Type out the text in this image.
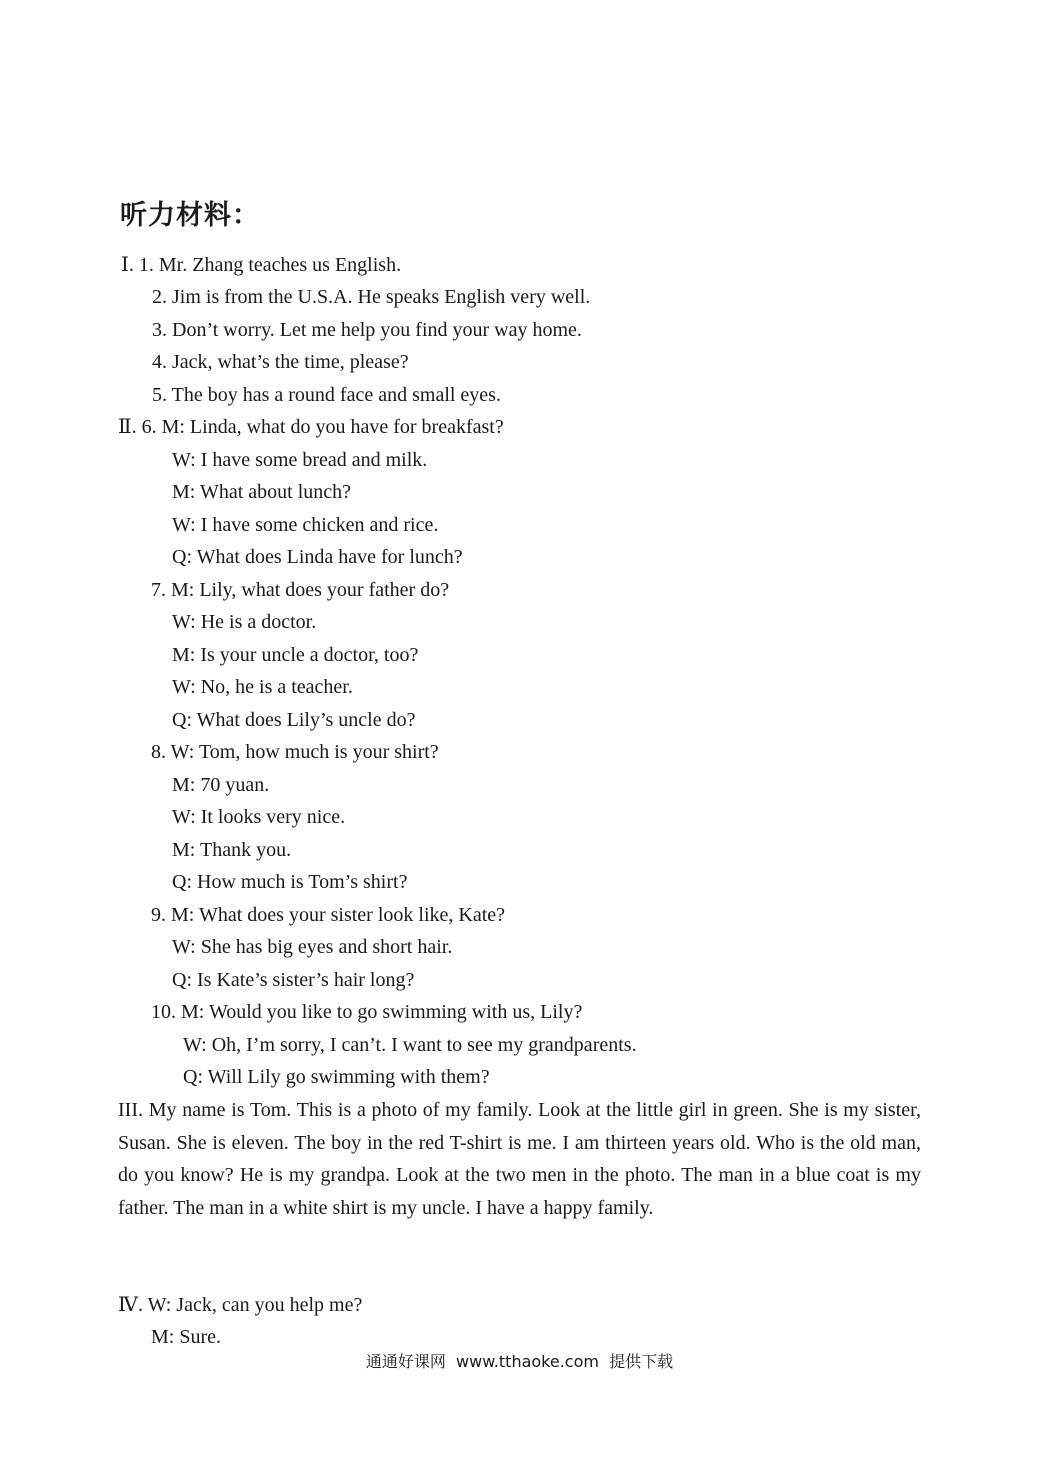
听力材料：
Ⅰ. 1. Mr. Zhang teaches us English.
2. Jim is from the U.S.A. He speaks English very well.
3. Don’t worry. Let me help you find your way home.
4. Jack, what’s the time, please?
5. The boy has a round face and small eyes.
Ⅱ. 6. M: Linda, what do you have for breakfast?
W: I have some bread and milk.
M: What about lunch?
W: I have some chicken and rice.
Q: What does Linda have for lunch?
7. M: Lily, what does your father do?
W: He is a doctor.
M: Is your uncle a doctor, too?
W: No, he is a teacher.
Q: What does Lily’s uncle do?
8. W: Tom, how much is your shirt?
M: 70 yuan.
W: It looks very nice.
M: Thank you.
Q: How much is Tom’s shirt?
9. M: What does your sister look like, Kate?
W: She has big eyes and short hair.
Q: Is Kate’s sister’s hair long?
10. M: Would you like to go swimming with us, Lily?
W: Oh, I’m sorry, I can’t. I want to see my grandparents.
Q: Will Lily go swimming with them?

III. My name is Tom. This is a photo of my family. Look at the little girl in green. She is my sister, Susan. She is eleven. The boy in the red T-shirt is me. I am thirteen years old. Who is the old man, do you know? He is my grandpa. Look at the two men in the photo. The man in a blue coat is my father. The man in a white shirt is my uncle. I have a happy family.

Ⅳ. W: Jack, can you help me?
M: Sure.
通通好课网  www.tthaoke.com  提供下载
